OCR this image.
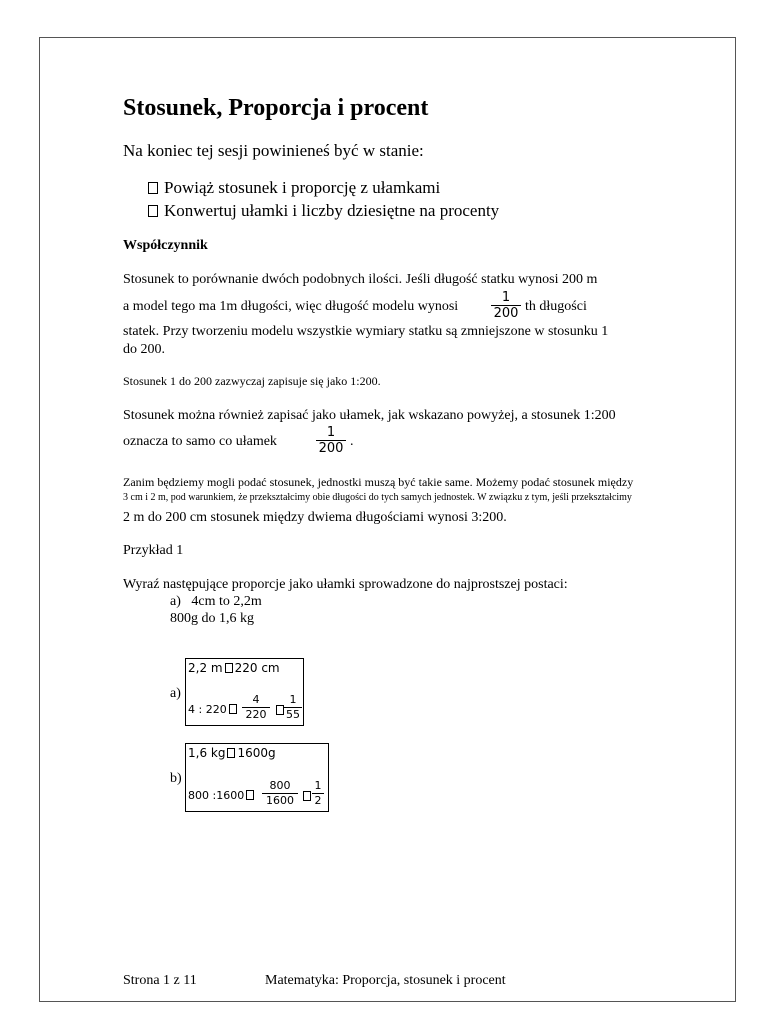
Stosunek, Proporcja i procent
Na koniec tej sesji powinieneś być w stanie:
Powiąż stosunek i proporcję z ułamkami
Konwertuj ułamki i liczby dziesiętne na procenty
Współczynnik
Stosunek to porównanie dwóch podobnych ilości. Jeśli długość statku wynosi 200 m
a model tego ma 1m długości, więc długość modelu wynosi	$\frac{1}{200}$ th długości
statek. Przy tworzeniu modelu wszystkie wymiary statku są zmniejszone w stosunku 1
do 200.
Stosunek 1 do 200 zazwyczaj zapisuje się jako 1:200.
Stosunek można również zapisać jako ułamek, jak wskazano powyżej, a stosunek 1:200
oznacza to samo co ułamek	$\frac{1}{200}$ .
Zanim będziemy mogli podać stosunek, jednostki muszą być takie same. Możemy podać stosunek między
3 cm i 2 m, pod warunkiem, że przekształcimy obie długości do tych samych jednostek. W związku z tym, jeśli przekształcimy
2 m do 200 cm stosunek między dwiema długościami wynosi 3:200.
Przykład 1
Wyraź następujące proporcje jako ułamki sprowadzone do najprostszej postaci:
a) 4cm to 2,2m
800g do 1,6 kg
a)
2,2 m 220 cm
4 : 220	$\frac{4}{220} \frac{1}{55}$
b)
1,6 kg 1600g
800 :1600	$\frac{800}{1600} \frac{1}{2}$
Strona 1 z 11	Matematyka: Proporcja, stosunek i procent
